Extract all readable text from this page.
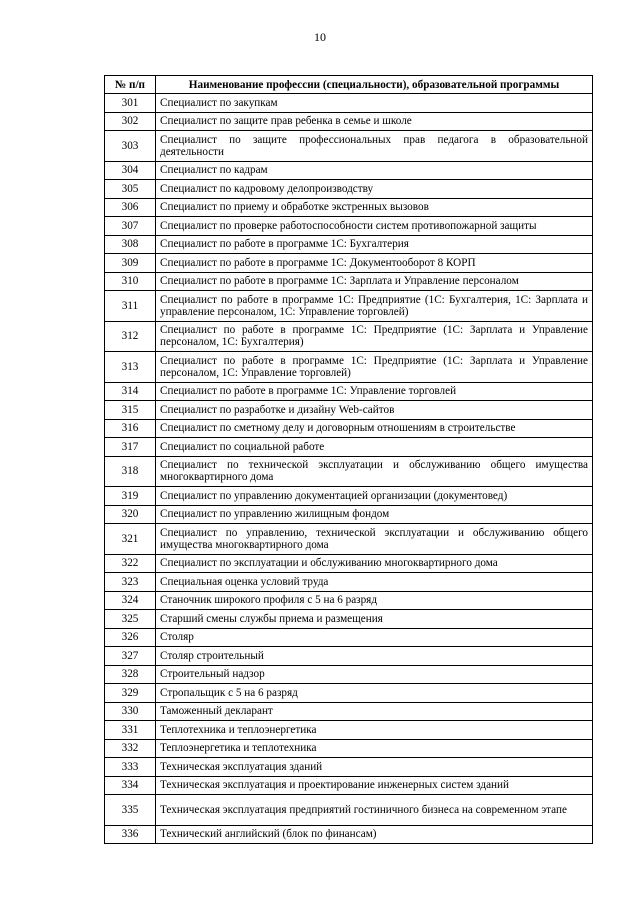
10
№ п/п	Наименование профессии (специальности), образовательной программы
301	Специалист по закупкам
302	Специалист по защите прав ребенка в семье и школе
303	Специалист по защите профессиональных прав педагога в образовательной деятельности
304	Специалист по кадрам
305	Специалист по кадровому делопроизводству
306	Специалист по приему и обработке экстренных вызовов
307	Специалист по проверке работоспособности систем противопожарной защиты
308	Специалист по работе в программе 1С: Бухгалтерия
309	Специалист по работе в программе 1С: Документооборот 8 КОРП
310	Специалист по работе в программе 1С: Зарплата и Управление персоналом
311	Специалист по работе в программе 1С: Предприятие (1С: Бухгалтерия, 1С: Зарплата и управление персоналом, 1С: Управление торговлей)
312	Специалист по работе в программе 1С: Предприятие (1С: Зарплата и Управление персоналом, 1С: Бухгалтерия)
313	Специалист по работе в программе 1С: Предприятие (1С: Зарплата и Управление персоналом, 1С: Управление торговлей)
314	Специалист по работе в программе 1С: Управление торговлей
315	Специалист по разработке и дизайну Web-сайтов
316	Специалист по сметному делу и договорным отношениям в строительстве
317	Специалист по социальной работе
318	Специалист по технической эксплуатации и обслуживанию общего имущества многоквартирного дома
319	Специалист по управлению документацией организации (документовед)
320	Специалист по управлению жилищным фондом
321	Специалист по управлению, технической эксплуатации и обслуживанию общего имущества многоквартирного дома
322	Специалист по эксплуатации и обслуживанию многоквартирного дома
323	Специальная оценка условий труда
324	Станочник широкого профиля с 5 на 6 разряд
325	Старший смены службы приема и размещения
326	Столяр
327	Столяр строительный
328	Строительный надзор
329	Стропальщик с 5 на 6 разряд
330	Таможенный декларант
331	Теплотехника и теплоэнергетика
332	Теплоэнергетика и теплотехника
333	Техническая эксплуатация зданий
334	Техническая эксплуатация и проектирование инженерных систем зданий
335	Техническая эксплуатация предприятий гостиничного бизнеса на современном этапе
336	Технический английский (блок по финансам)
